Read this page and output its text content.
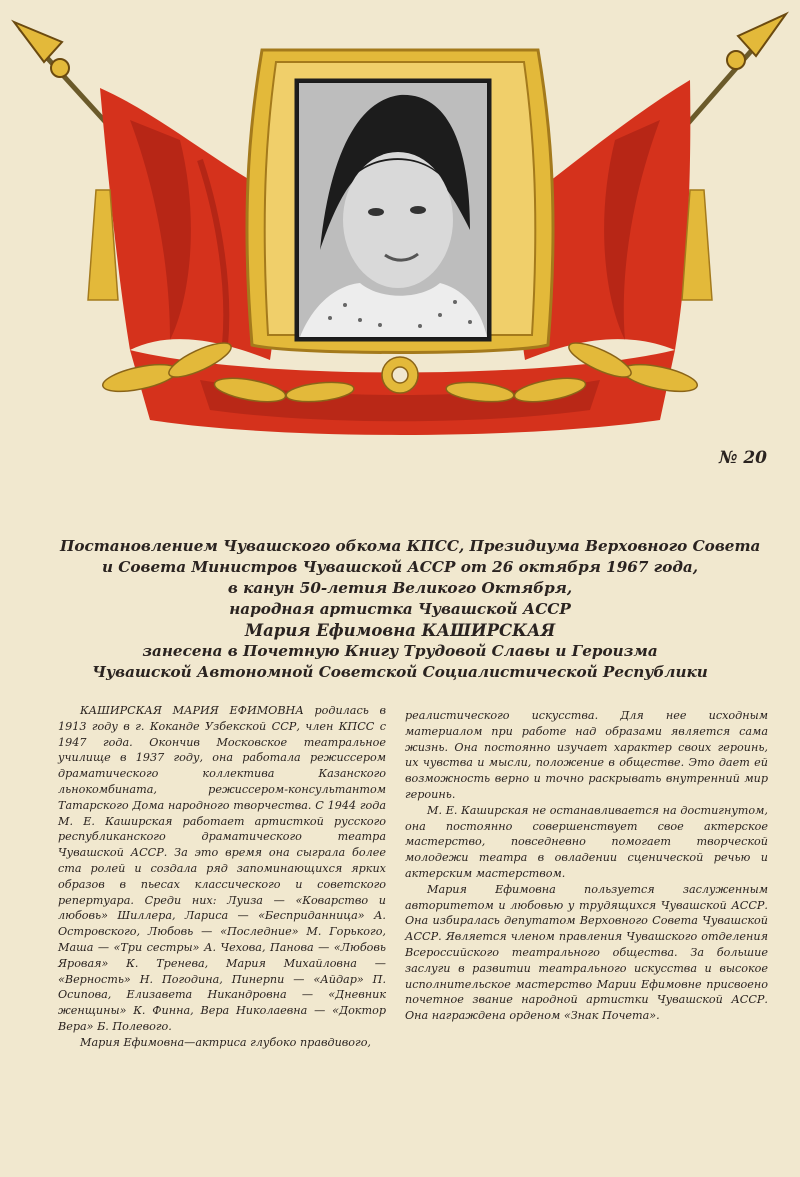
№ 20
Постановлением Чувашского обкома КПСС, Президиума Верховного Совета
и Совета Министров Чувашской АССР от 26 октября 1967 года,
в канун 50-летия Великого Октября,
народная артистка Чувашской АССР
Мария Ефимовна КАШИРСКАЯ
занесена в Почетную Книгу Трудовой Славы и Героизма
Чувашской Автономной Советской Социалистической Республики

КАШИРСКАЯ МАРИЯ ЕФИМОВНА родилась в 1913 году в г. Коканде Узбекской ССР, член КПСС с 1947 года. Окончив Московское театральное училище в 1937 году, она работала режиссером драматического коллектива Казанского льнокомбината, режиссером-консультантом Татарского Дома народного творчества. С 1944 года М. Е. Каширская работает артисткой русского республиканского драматического театра Чувашской АССР. За это время она сыграла более ста ролей и создала ряд запоминающихся ярких образов в пьесах классического и советского репертуара. Среди них: Луиза — «Коварство и любовь» Шиллера, Лариса — «Бесприданница» А. Островского, Любовь — «Последние» М. Горького, Маша — «Три сестры» А. Чехова, Панова — «Любовь Яровая» К. Тренева, Мария Михайловна — «Верность» Н. Погодина, Пинерпи — «Айдар» П. Осипова, Елизавета Никандровна — «Дневник женщины» К. Финна, Вера Николаевна — «Доктор Вера» Б. Полевого.

Мария Ефимовна—актриса глубоко правдивого,

реалистического искусства. Для нее исходным материалом при работе над образами является сама жизнь. Она постоянно изучает характер своих героинь, их чувства и мысли, положение в обществе. Это дает ей возможность верно и точно раскрывать внутренний мир героинь.

М. Е. Каширская не останавливается на достигнутом, она постоянно совершенствует свое актерское мастерство, повседневно помогает творческой молодежи театра в овладении сценической речью и актерским мастерством.

Мария Ефимовна пользуется заслуженным авторитетом и любовью у трудящихся Чувашской АССР. Она избиралась депутатом Верховного Совета Чувашской АССР. Является членом правления Чувашского отделения Всероссийского театрального общества. За большие заслуги в развитии театрального искусства и высокое исполнительское мастерство Марии Ефимовне присвоено почетное звание народной артистки Чувашской АССР. Она награждена орденом «Знак Почета».
